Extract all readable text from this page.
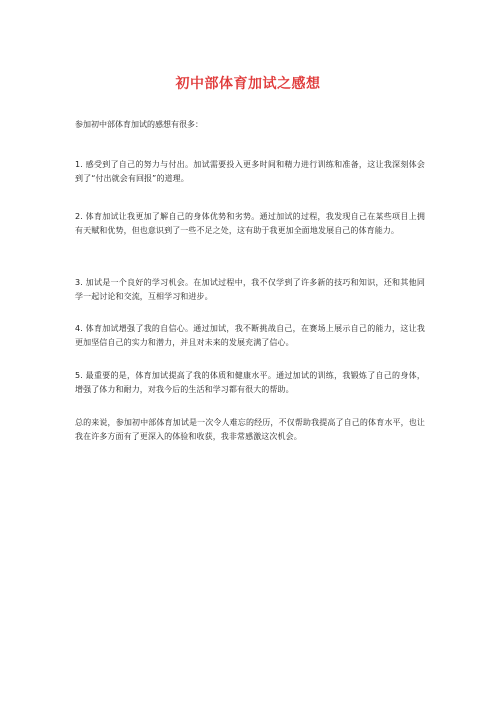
初中部体育加试之感想

参加初中部体育加试的感想有很多：

1. 感受到了自己的努力与付出。加试需要投入更多时间和精力进行训练和准备，这让我深刻体会到了“付出就会有回报”的道理。

2. 体育加试让我更加了解自己的身体优势和劣势。通过加试的过程，我发现自己在某些项目上拥有天赋和优势，但也意识到了一些不足之处，这有助于我更加全面地发展自己的体育能力。

3. 加试是一个良好的学习机会。在加试过程中，我不仅学到了许多新的技巧和知识，还和其他同学一起讨论和交流，互相学习和进步。

4. 体育加试增强了我的自信心。通过加试，我不断挑战自己，在赛场上展示自己的能力，这让我更加坚信自己的实力和潜力，并且对未来的发展充满了信心。

5. 最重要的是，体育加试提高了我的体质和健康水平。通过加试的训练，我锻炼了自己的身体，增强了体力和耐力，对我今后的生活和学习都有很大的帮助。

总的来说，参加初中部体育加试是一次令人难忘的经历，不仅帮助我提高了自己的体育水平，也让我在许多方面有了更深入的体验和收获，我非常感激这次机会。
